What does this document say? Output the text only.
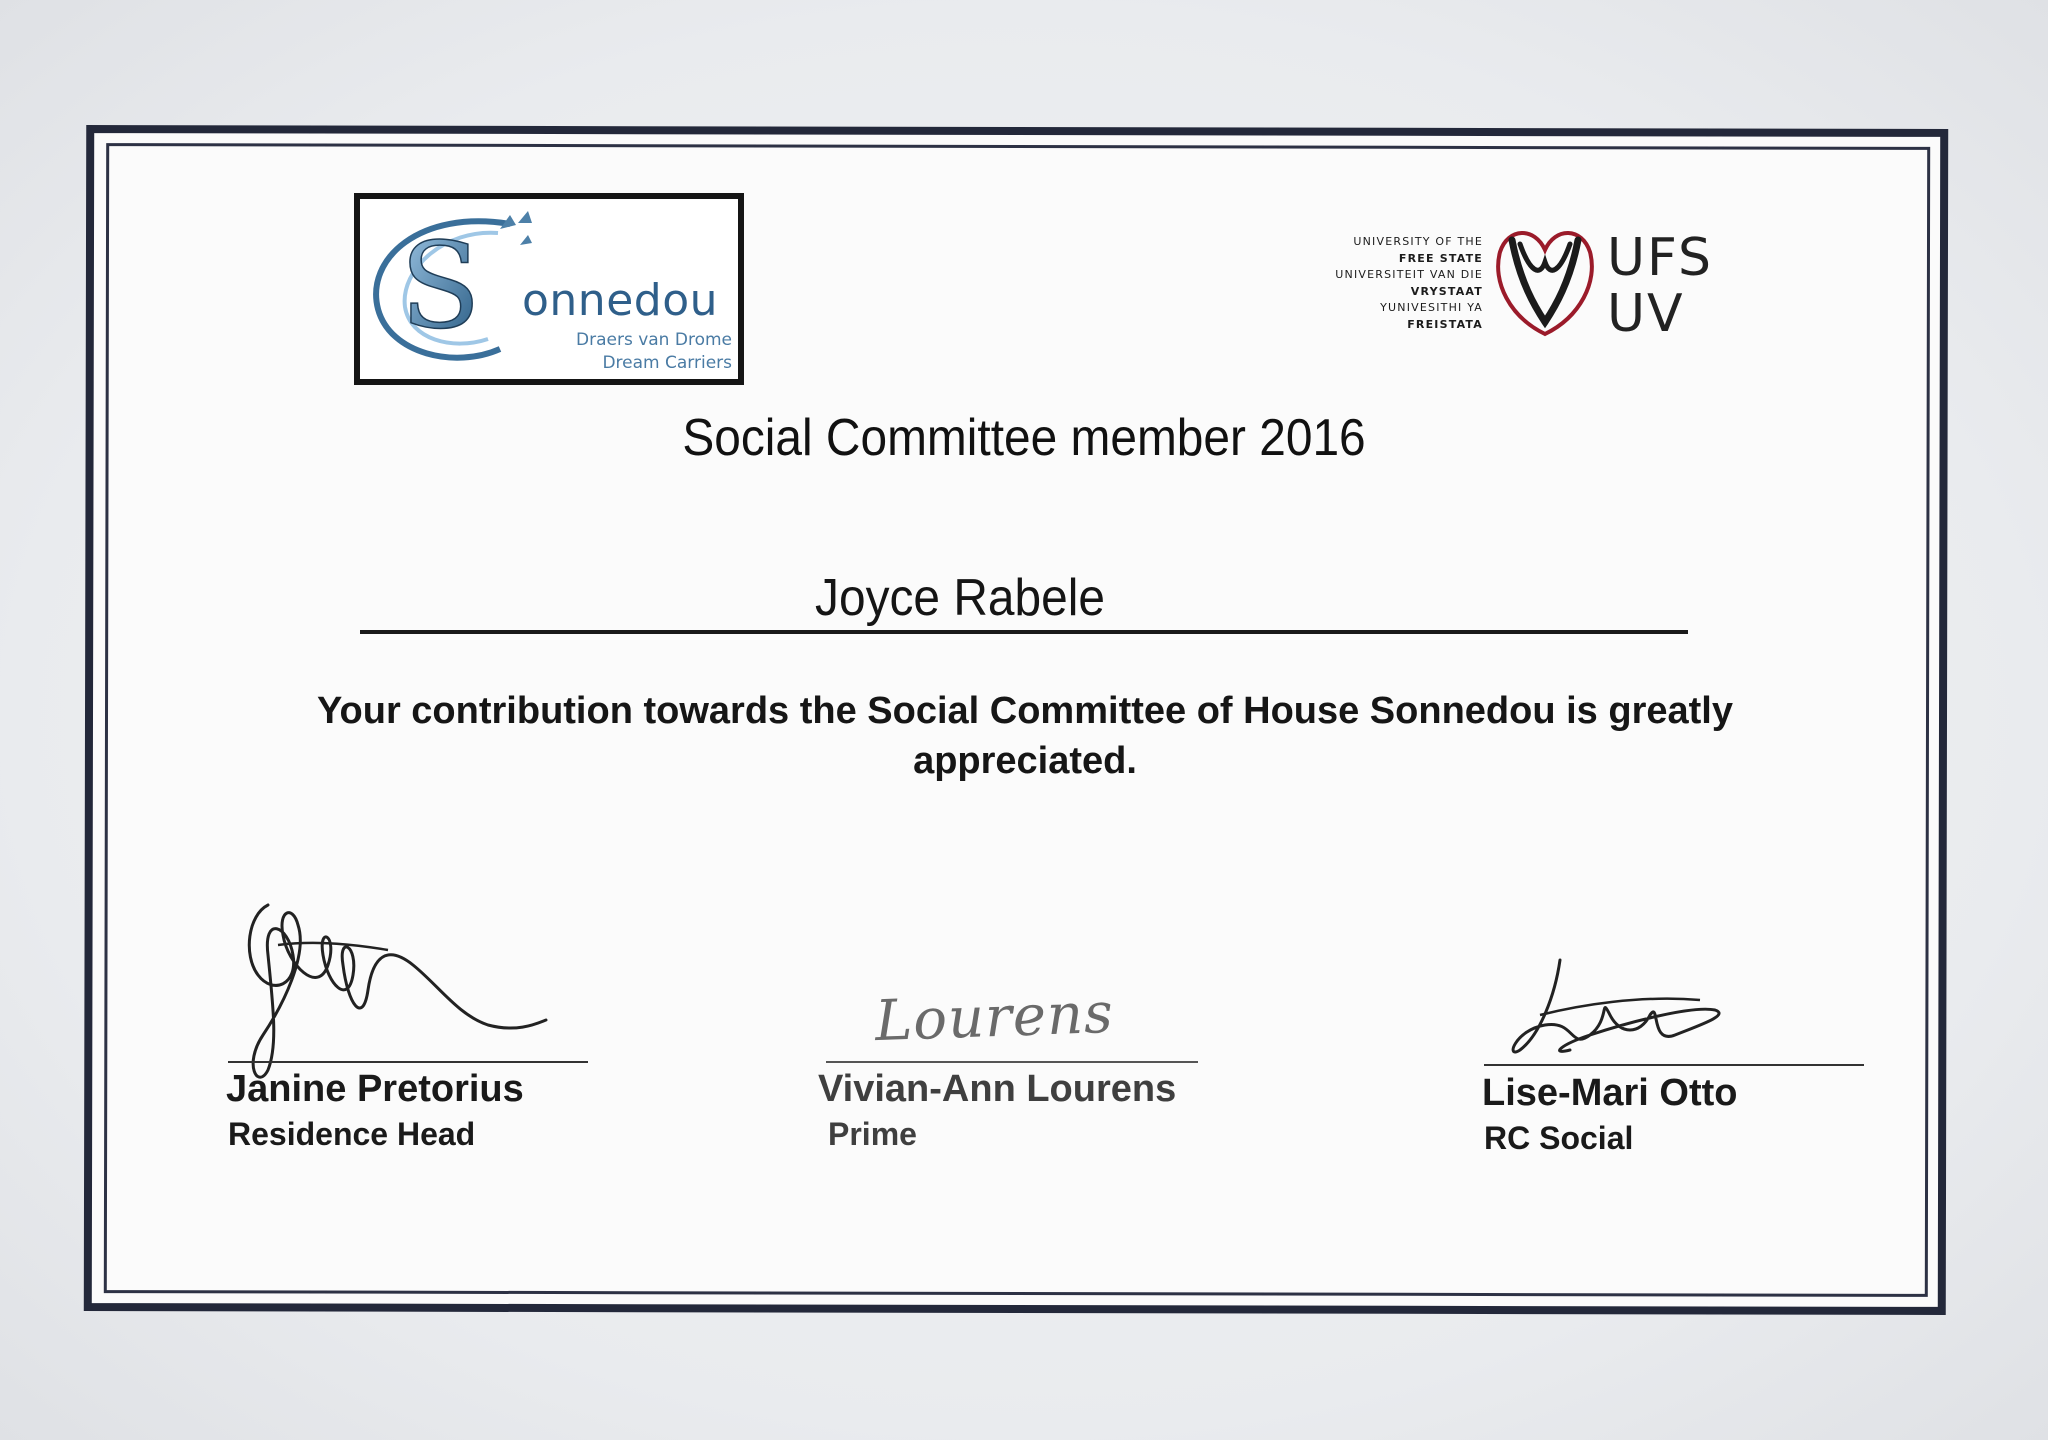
S onnedou
Draers van Drome
Dream Carriers
UNIVERSITY OF THE
FREE STATE
UNIVERSITEIT VAN DIE
VRYSTAAT
YUNIVESITHI YA
FREISTATA
UFS
UV
Social Committee member 2016
Joyce Rabele
Your contribution towards the Social Committee of House Sonnedou is greatly appreciated.
Janine Pretorius
Residence Head
Lourens
Vivian-Ann Lourens
Prime
Lise-Mari Otto
RC Social
